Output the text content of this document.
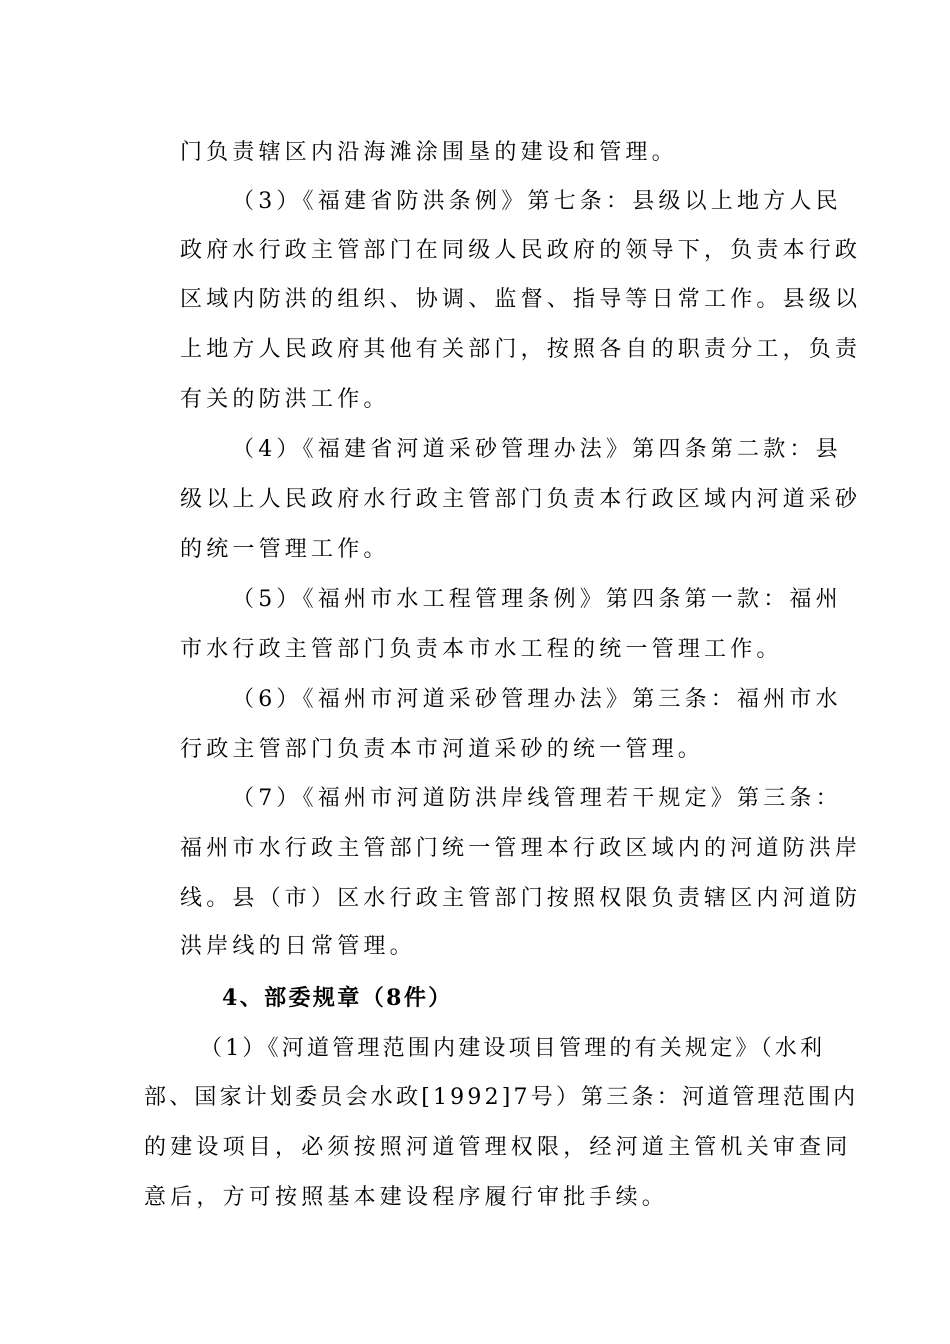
门负责辖区内沿海滩涂围垦的建设和管理。
（3）《福建省防洪条例》第七条：县级以上地方人民
政府水行政主管部门在同级人民政府的领导下，负责本行政
区域内防洪的组织、协调、监督、指导等日常工作。县级以
上地方人民政府其他有关部门，按照各自的职责分工，负责
有关的防洪工作。
（4）《福建省河道采砂管理办法》第四条第二款：县
级以上人民政府水行政主管部门负责本行政区域内河道采砂
的统一管理工作。
（5）《福州市水工程管理条例》第四条第一款：福州
市水行政主管部门负责本市水工程的统一管理工作。
（6）《福州市河道采砂管理办法》第三条：福州市水
行政主管部门负责本市河道采砂的统一管理。
（7）《福州市河道防洪岸线管理若干规定》第三条：
福州市水行政主管部门统一管理本行政区域内的河道防洪岸
线。县（市）区水行政主管部门按照权限负责辖区内河道防
洪岸线的日常管理。
4、部委规章（8件）
（1）《河道管理范围内建设项目管理的有关规定》（水利
部、国家计划委员会水政[1992]7号）第三条：河道管理范围内
的建设项目，必须按照河道管理权限，经河道主管机关审查同
意后，方可按照基本建设程序履行审批手续。
